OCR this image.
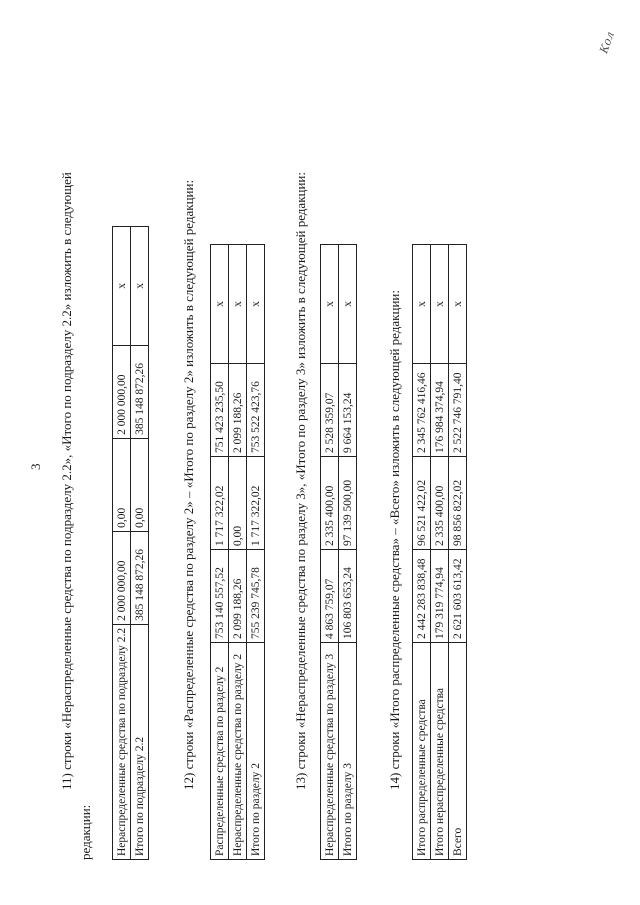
3 11) строки «Нераспределенные средства по подразделу 2.2», «Итого по подразделу 2.2» изложить в следующей
редакции: Нераспределенные средства по подразделу 2.2	2 000 000,00	0,00	2 000 000,00	x
Итого по подразделу 2.2	385 148 872,26	0,00	385 148 872,26	x	12) строки «Распределенные средства по разделу 2» – «Итого по разделу 2» изложить в следующей редакции: Распределенные средства по разделу 2	753 140 557,52	1 717 322,02	751 423 235,50	x
Нераспределенные средства по разделу 2	2 099 188,26	0,00	2 099 188,26	x
Итого по разделу 2	755 239 745,78	1 717 322,02	753 522 423,76	x 13) строки «Нераспределенные средства по разделу 3», «Итого по разделу 3» изложить в следующей редакции: Нераспределенные средства по разделу 3	4 863 759,07	2 335 400,00	2 528 359,07	x
Итого по разделу 3	106 803 653,24	97 139 500,00	9 664 153,24	x	14) строки «Итого распределенные средства» – «Всего» изложить в следующей редакции: Итого распределенные средства	2 442 283 838,48	96 521 422,02	2 345 762 416,46	x
Итого нераспределенные средства	179 319 774,94	2 335 400,00	176 984 374,94	x
Всего	2 621 603 613,42	98 856 822,02	2 522 746 791,40	x
Кол
